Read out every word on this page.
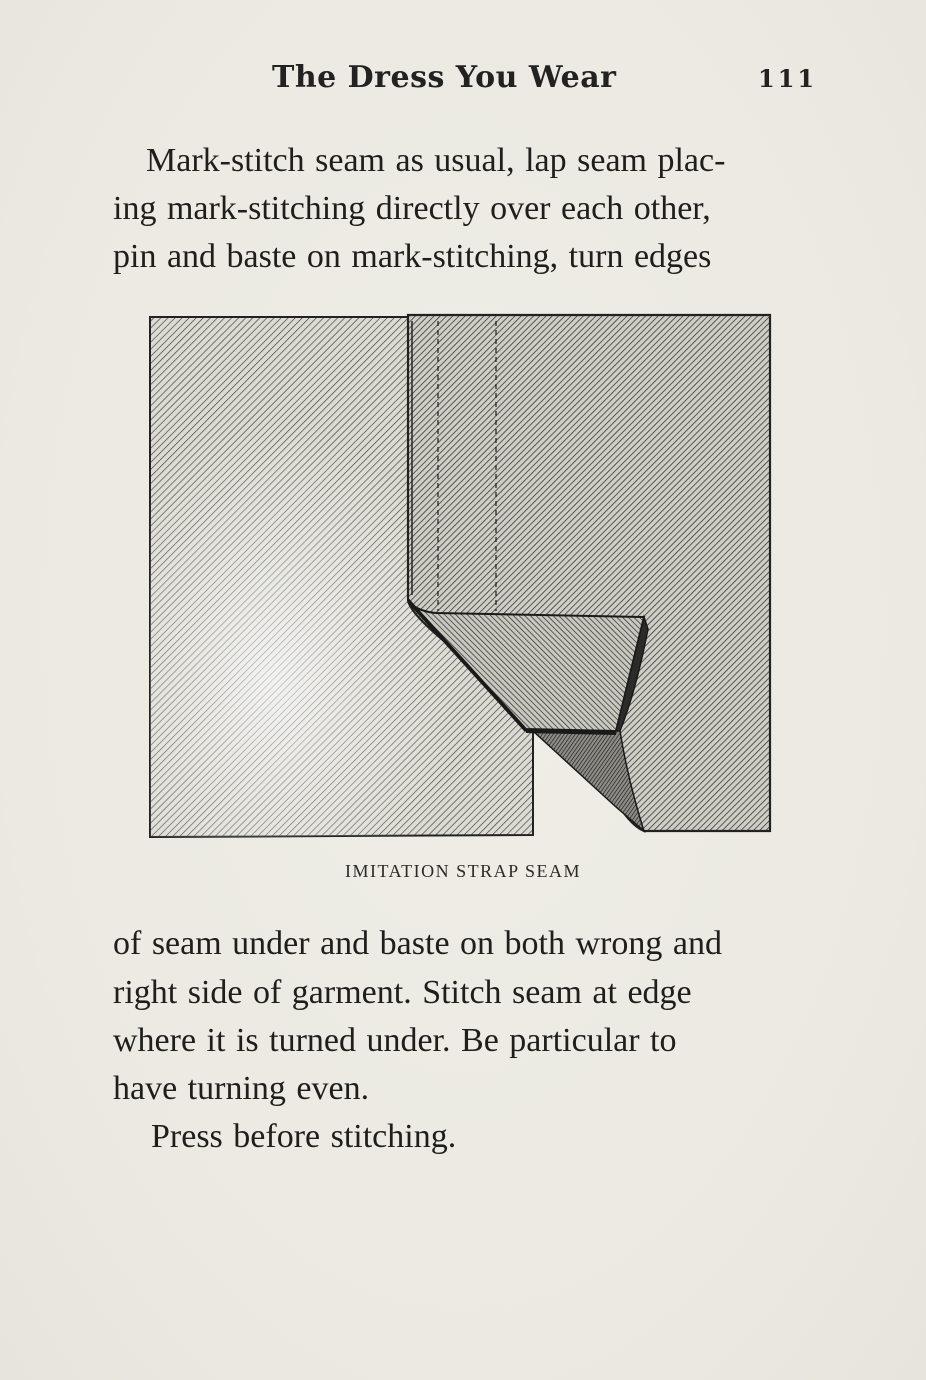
The Dress You Wear	111
Mark-stitch seam as usual, lap seam plac-
ing mark-stitching directly over each other,
pin and baste on mark-stitching, turn edges
IMITATION STRAP SEAM
of seam under and baste on both wrong and
right side of garment. Stitch seam at edge
where it is turned under. Be particular to
have turning even.
Press before stitching.
